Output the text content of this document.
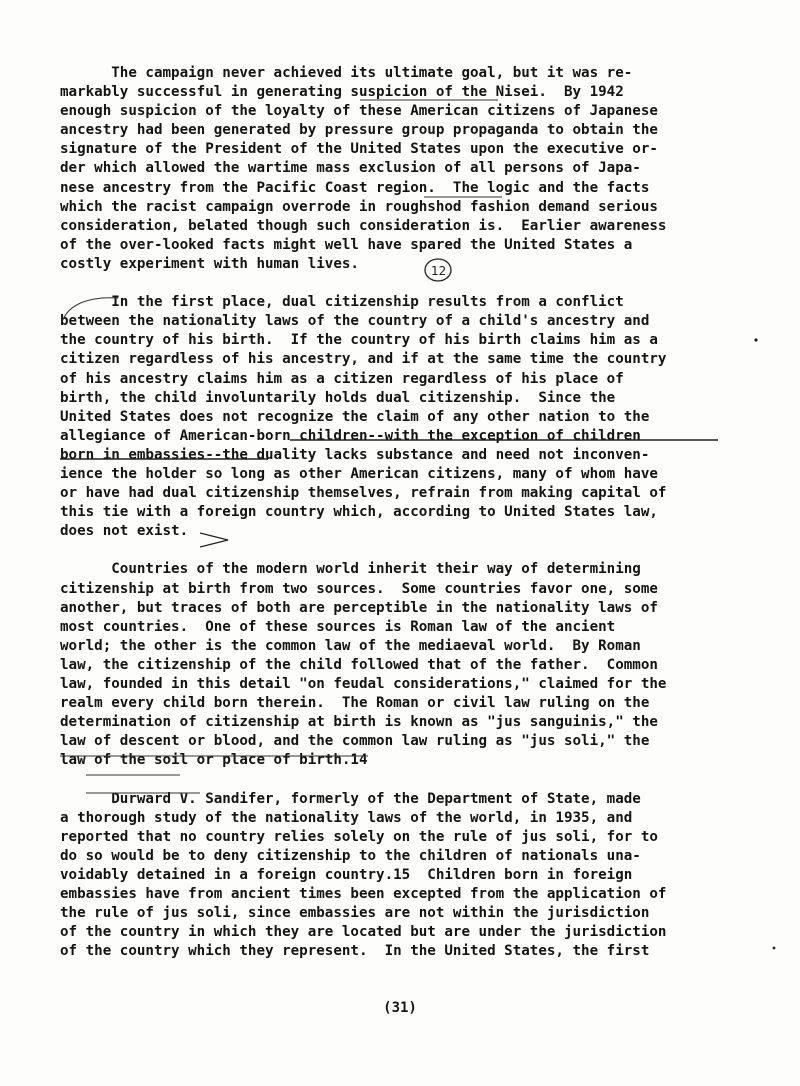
The campaign never achieved its ultimate goal, but it was re-
markably successful in generating suspicion of the Nisei.  By 1942
enough suspicion of the loyalty of these American citizens of Japanese
ancestry had been generated by pressure group propaganda to obtain the
signature of the President of the United States upon the executive or-
der which allowed the wartime mass exclusion of all persons of Japa-
nese ancestry from the Pacific Coast region.  The logic and the facts
which the racist campaign overrode in roughshod fashion demand serious
consideration, belated though such consideration is.  Earlier awareness
of the over-looked facts might well have spared the United States a
costly experiment with human lives.
In the first place, dual citizenship results from a conflict
between the nationality laws of the country of a child's ancestry and
the country of his birth.  If the country of his birth claims him as a
citizen regardless of his ancestry, and if at the same time the country
of his ancestry claims him as a citizen regardless of his place of
birth, the child involuntarily holds dual citizenship.  Since the
United States does not recognize the claim of any other nation to the
allegiance of American-born children--with the exception of children
born in embassies--the duality lacks substance and need not inconven-
ience the holder so long as other American citizens, many of whom have
or have had dual citizenship themselves, refrain from making capital of
this tie with a foreign country which, according to United States law,
does not exist.
Countries of the modern world inherit their way of determining
citizenship at birth from two sources.  Some countries favor one, some
another, but traces of both are perceptible in the nationality laws of
most countries.  One of these sources is Roman law of the ancient
world; the other is the common law of the mediaeval world.  By Roman
law, the citizenship of the child followed that of the father.  Common
law, founded in this detail "on feudal considerations," claimed for the
realm every child born therein.  The Roman or civil law ruling on the
determination of citizenship at birth is known as "jus sanguinis," the
law of descent or blood, and the common law ruling as "jus soli," the
law of the soil or place of birth.14
Durward V. Sandifer, formerly of the Department of State, made
a thorough study of the nationality laws of the world, in 1935, and
reported that no country relies solely on the rule of jus soli, for to
do so would be to deny citizenship to the children of nationals una-
voidably detained in a foreign country.15  Children born in foreign
embassies have from ancient times been excepted from the application of
the rule of jus soli, since embassies are not within the jurisdiction
of the country in which they are located but are under the jurisdiction
of the country which they represent.  In the United States, the first
(31)
12
